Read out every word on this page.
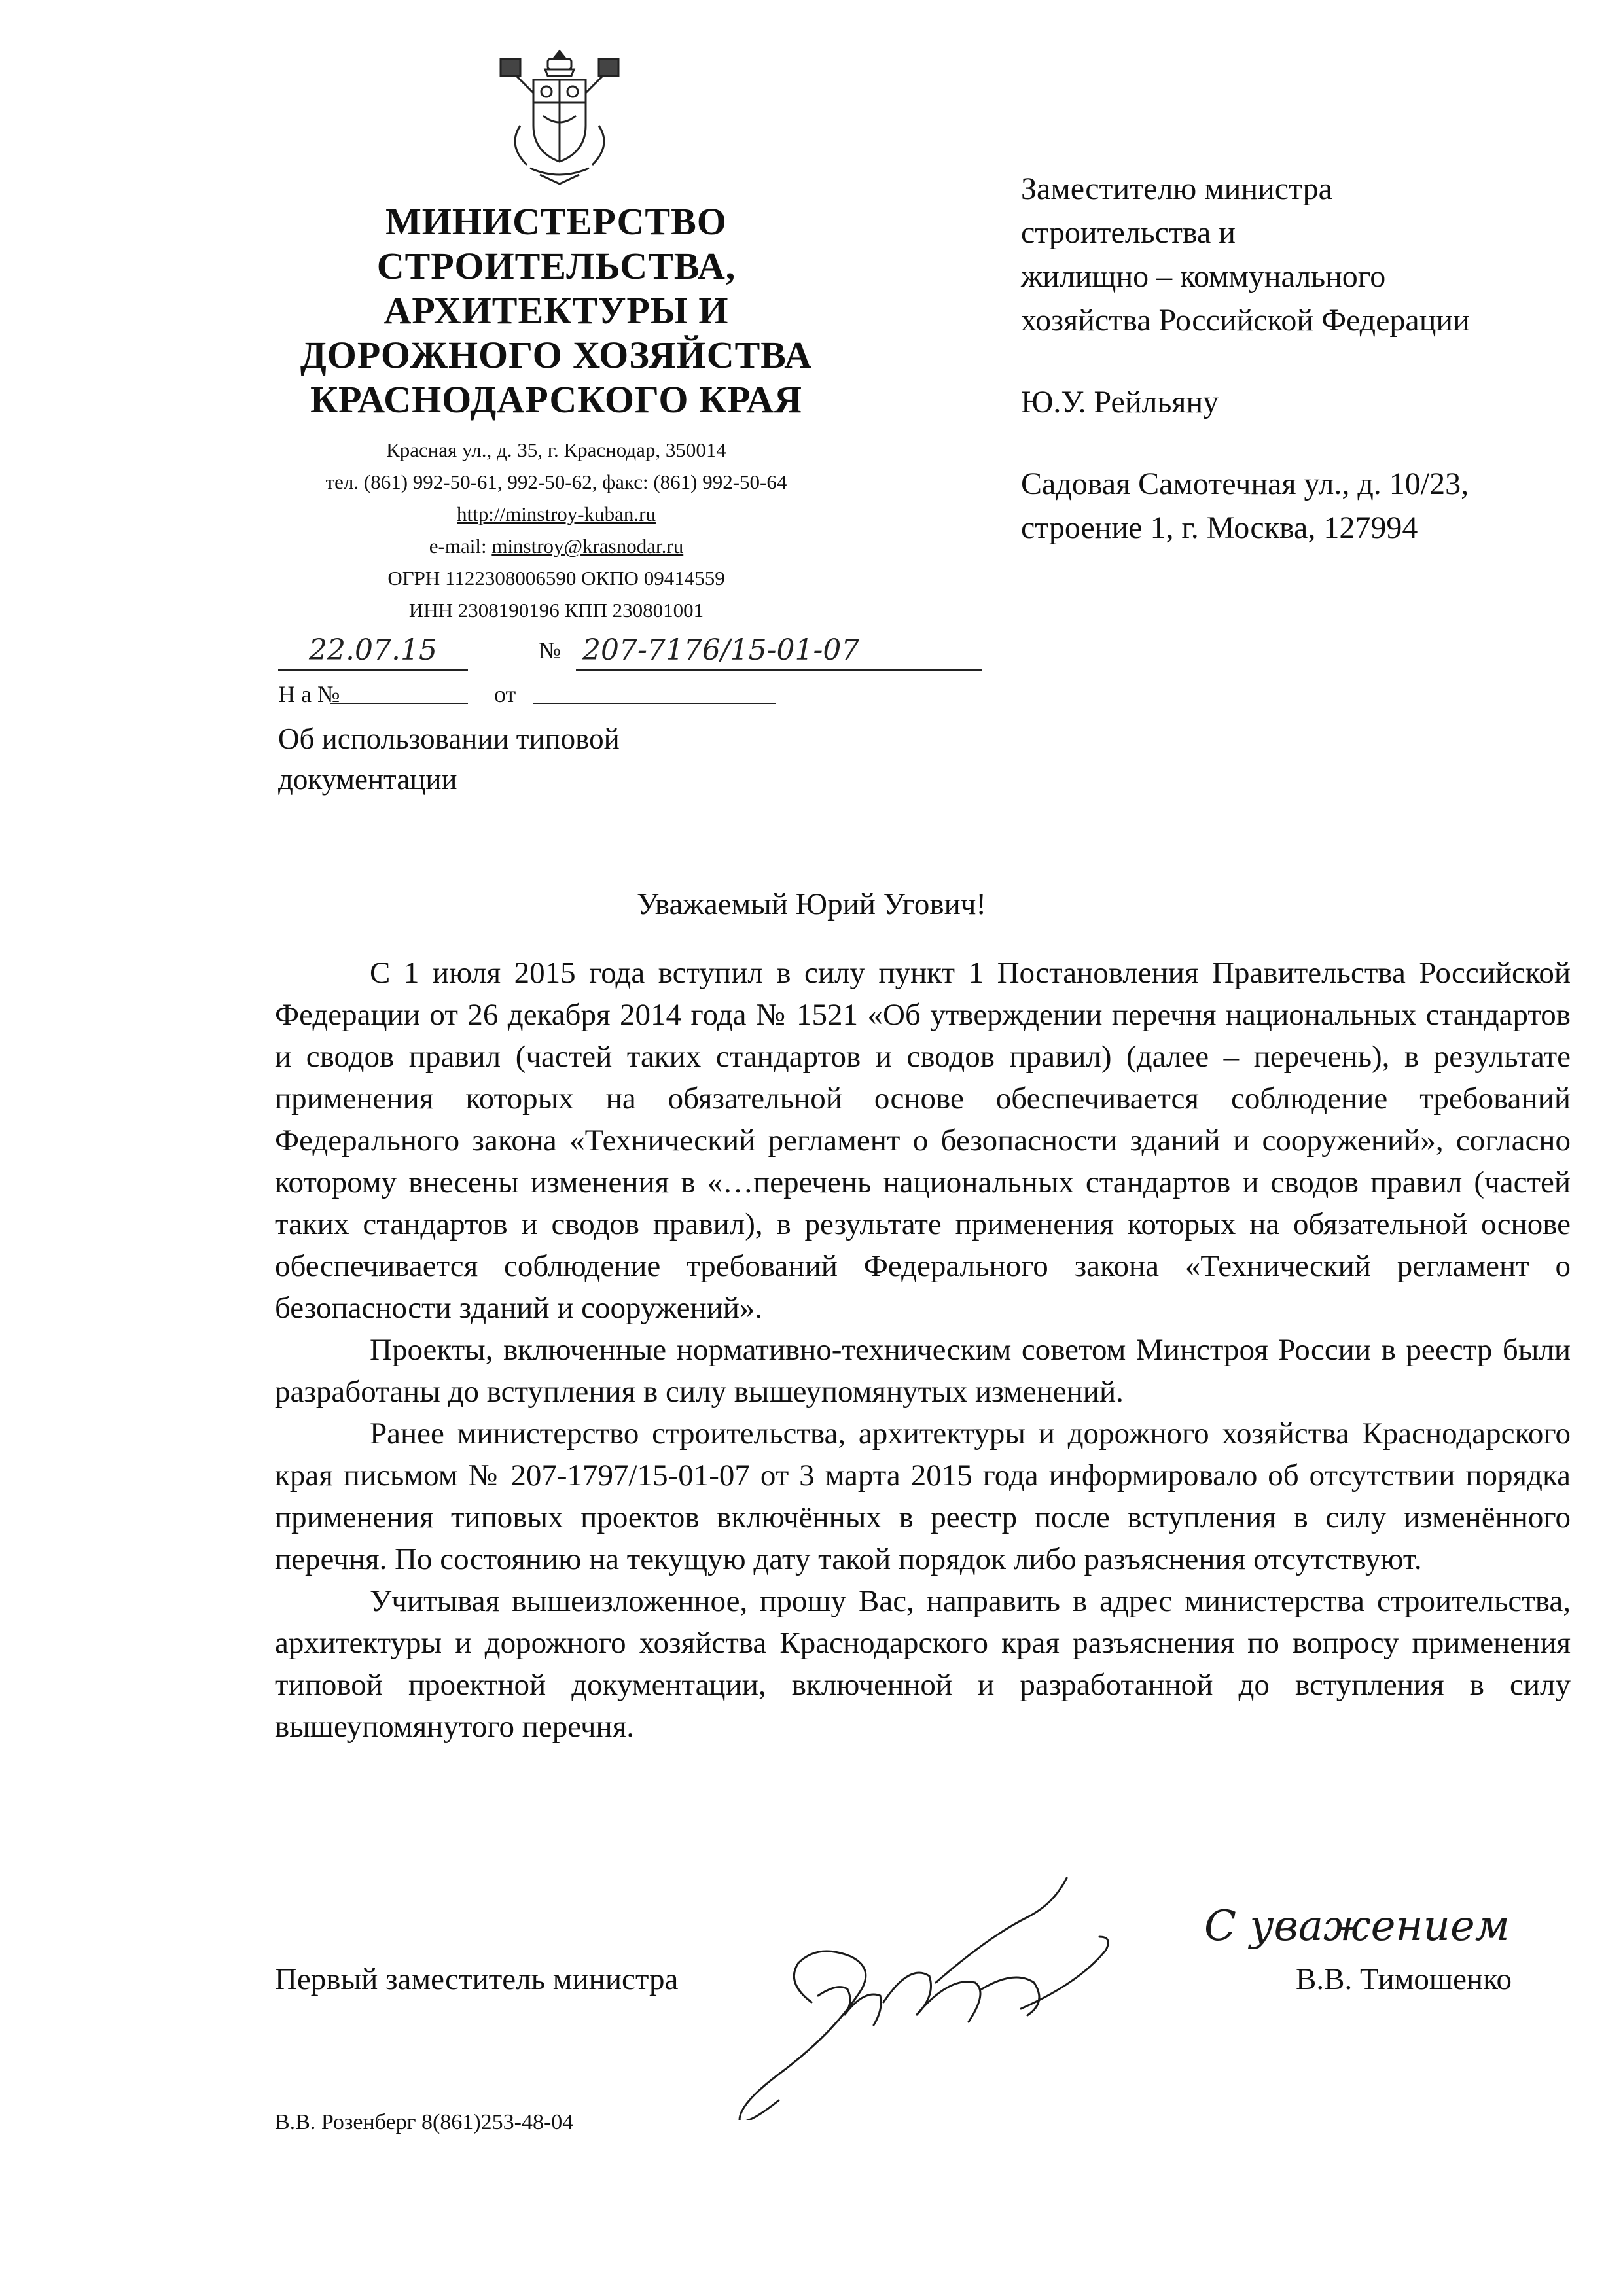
МИНИСТЕРСТВО
СТРОИТЕЛЬСТВА,
АРХИТЕКТУРЫ И
ДОРОЖНОГО ХОЗЯЙСТВА
КРАСНОДАРСКОГО КРАЯ
Красная ул., д. 35, г. Краснодар, 350014
тел. (861) 992-50-61, 992-50-62, факс: (861) 992-50-64
http://minstroy-kuban.ru
e-mail: minstroy@krasnodar.ru
ОГРН 1122308006590 ОКПО 09414559
ИНН 2308190196 КПП 230801001
22.07.15	№ 207-7176/15-01-07
Н а №	от
Об использовании типовой
документации
Заместителю министра
строительства и
жилищно – коммунального
хозяйства Российской Федерации
Ю.У. Рейльяну
Садовая Самотечная ул., д. 10/23,
строение 1, г. Москва, 127994
Уважаемый Юрий Угович!

С 1 июля 2015 года вступил в силу пункт 1 Постановления Правительства Российской Федерации от 26 декабря 2014 года № 1521 «Об утверждении перечня национальных стандартов и сводов правил (частей таких стандартов и сводов правил) (далее – перечень), в результате применения которых на обязательной основе обеспечивается соблюдение требований Федерального закона «Технический регламент о безопасности зданий и сооружений», согласно которому внесены изменения в «…перечень национальных стандартов и сводов правил (частей таких стандартов и сводов правил), в результате применения которых на обязательной основе обеспечивается соблюдение требований Федерального закона «Технический регламент о безопасности зданий и сооружений».

Проекты, включенные нормативно-техническим советом Минстроя России в реестр были разработаны до вступления в силу вышеупомянутых изменений.

Ранее министерство строительства, архитектуры и дорожного хозяйства Краснодарского края письмом № 207-1797/15-01-07 от 3 марта 2015 года информировало об отсутствии порядка применения типовых проектов включённых в реестр после вступления в силу изменённого перечня. По состоянию на текущую дату такой порядок либо разъяснения отсутствуют.

Учитывая вышеизложенное, прошу Вас, направить в адрес министерства строительства, архитектуры и дорожного хозяйства Краснодарского края разъяснения по вопросу применения типовой проектной документации, включенной и разработанной до вступления в силу вышеупомянутого перечня.

Первый заместитель министра
С уважением
В.В. Тимошенко
В.В. Розенберг 8(861)253-48-04
